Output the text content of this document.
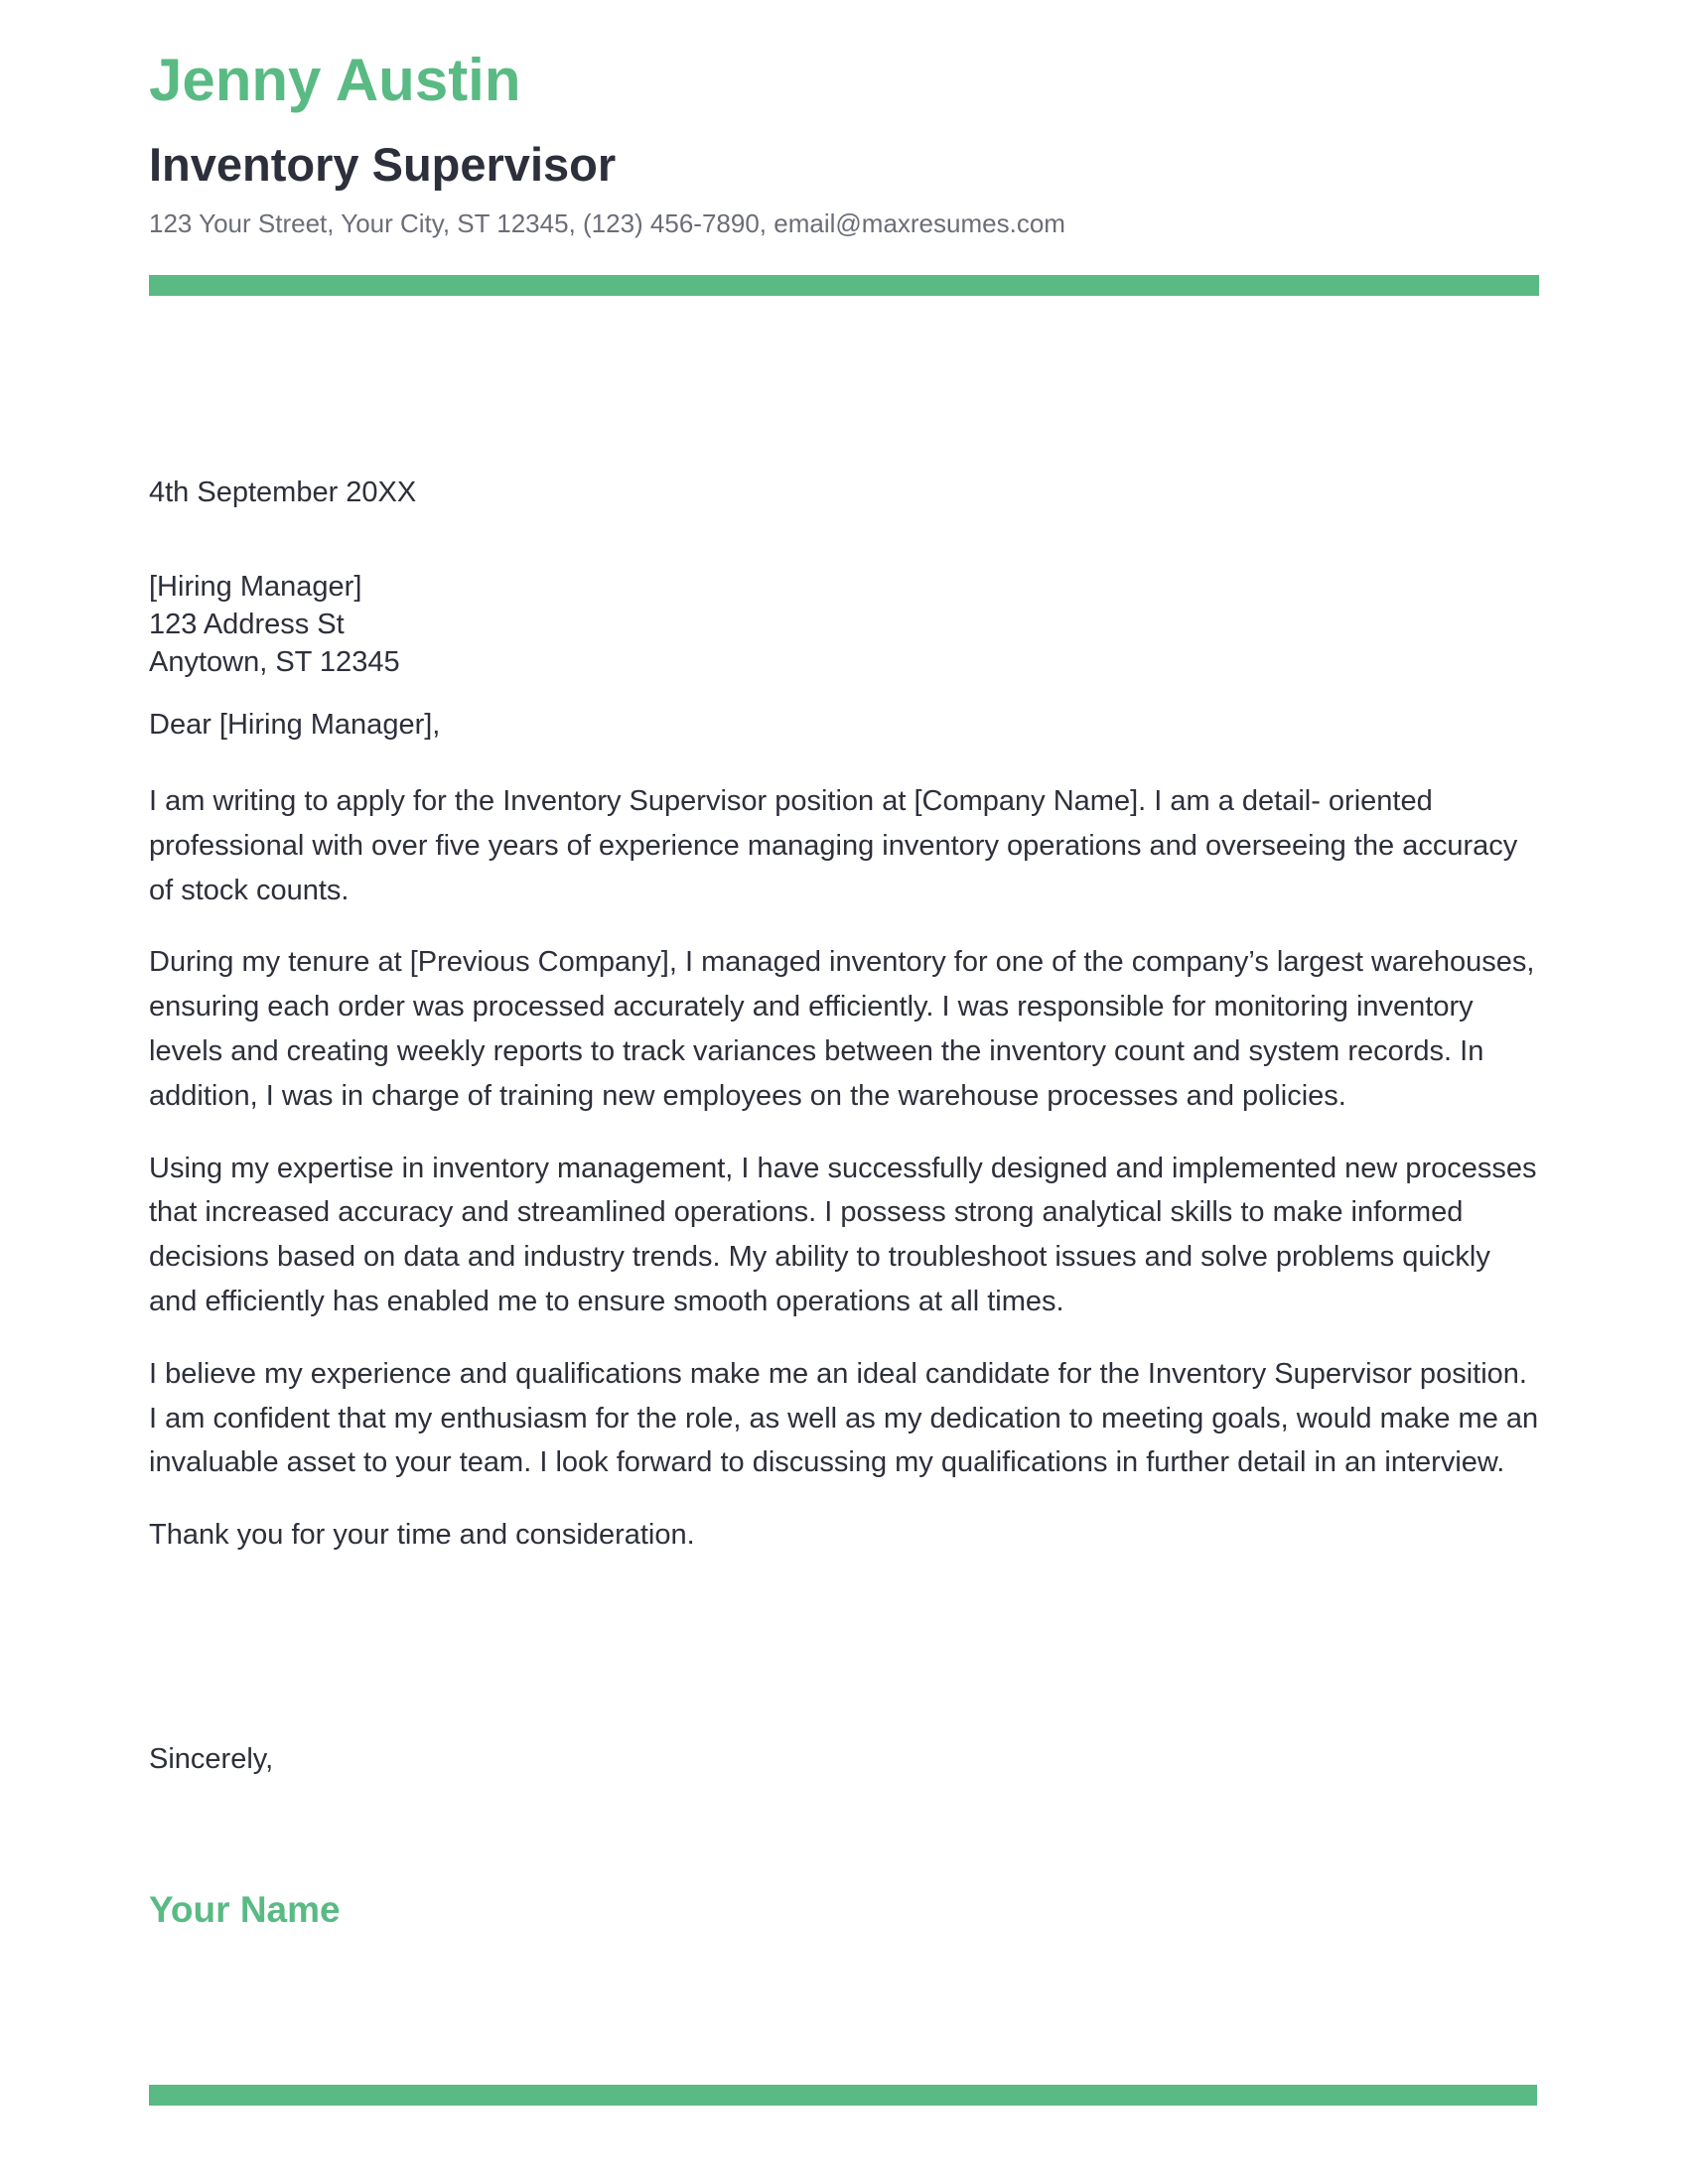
Jenny Austin
Inventory Supervisor
123 Your Street, Your City, ST 12345, (123) 456-7890, email@maxresumes.com
4th September 20XX
[Hiring Manager]
123 Address St
Anytown, ST 12345
Dear [Hiring Manager],

I am writing to apply for the Inventory Supervisor position at [Company Name]. I am a detail- oriented professional with over five years of experience managing inventory operations and overseeing the accuracy of stock counts.

During my tenure at [Previous Company], I managed inventory for one of the company’s largest warehouses, ensuring each order was processed accurately and efficiently. I was responsible for monitoring inventory levels and creating weekly reports to track variances between the inventory count and system records. In addition, I was in charge of training new employees on the warehouse processes and policies.

Using my expertise in inventory management, I have successfully designed and implemented new processes that increased accuracy and streamlined operations. I possess strong analytical skills to make informed decisions based on data and industry trends. My ability to troubleshoot issues and solve problems quickly and efficiently has enabled me to ensure smooth operations at all times.

I believe my experience and qualifications make me an ideal candidate for the Inventory Supervisor position. I am confident that my enthusiasm for the role, as well as my dedication to meeting goals, would make me an invaluable asset to your team. I look forward to discussing my qualifications in further detail in an interview.

Thank you for your time and consideration.

Sincerely,
Your Name
